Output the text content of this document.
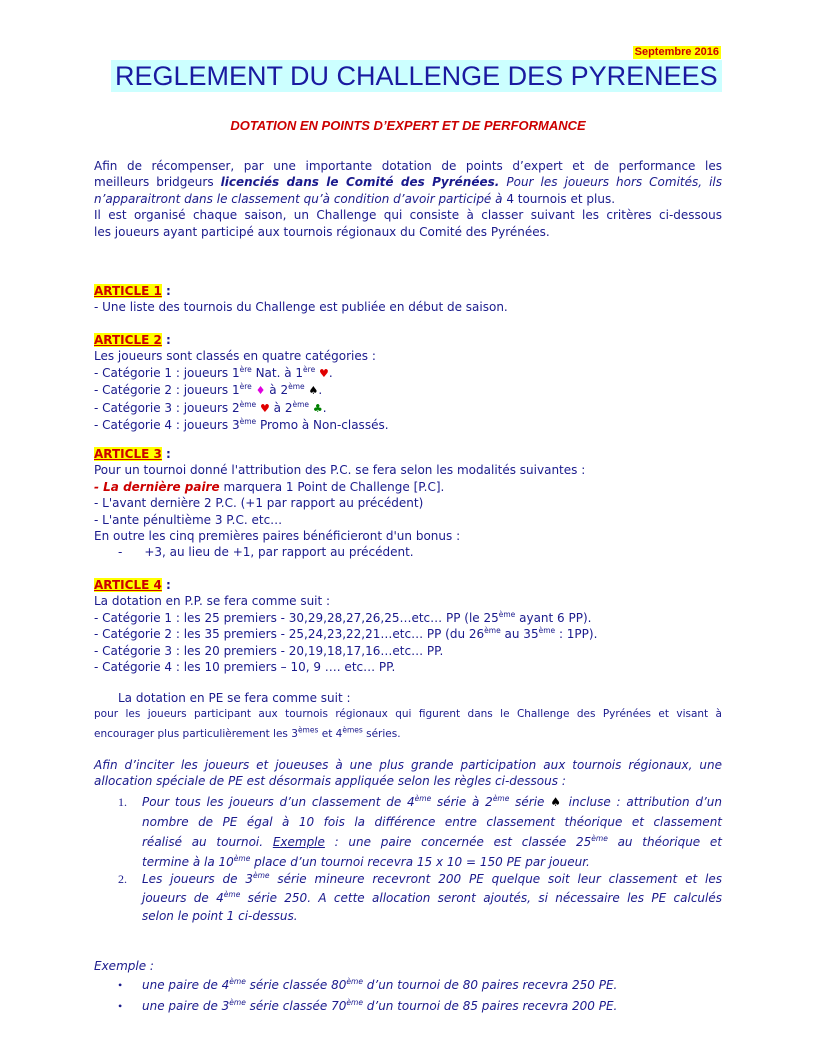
Septembre 2016
REGLEMENT DU CHALLENGE DES PYRENEES
DOTATION EN POINTS D’EXPERT ET DE PERFORMANCE
Afin de récompenser, par une importante dotation de points d’expert et de performance les
meilleurs bridgeurs licenciés dans le Comité des Pyrénées. Pour les joueurs hors Comités, ils
n’apparaitront dans le classement qu’à condition d’avoir participé à 4 tournois et plus.
Il est organisé chaque saison, un Challenge qui consiste à classer suivant les critères ci-dessous
les joueurs ayant participé aux tournois régionaux du Comité des Pyrénées.
ARTICLE 1 :
- Une liste des tournois du Challenge est publiée en début de saison.
ARTICLE 2 :
Les joueurs sont classés en quatre catégories :
- Catégorie 1 : joueurs 1ère Nat. à 1ère ♥.
- Catégorie 2 : joueurs 1ère ♦ à 2ème ♠.
- Catégorie 3 : joueurs 2ème ♥ à 2ème ♣.
- Catégorie 4 : joueurs 3ème Promo à Non-classés.
ARTICLE 3 :
Pour un tournoi donné l'attribution des P.C. se fera selon les modalités suivantes :
- La dernière paire marquera 1 Point de Challenge [P.C].
- L'avant dernière 2 P.C. (+1 par rapport au précédent)
- L'ante pénultième 3 P.C. etc…
En outre les cinq premières paires bénéficieront d'un bonus :
- +3, au lieu de +1, par rapport au précédent.
ARTICLE 4 :
La dotation en P.P. se fera comme suit :
- Catégorie 1 : les 25 premiers - 30,29,28,27,26,25…etc… PP (le 25ème ayant 6 PP).
- Catégorie 2 : les 35 premiers - 25,24,23,22,21…etc… PP (du 26ème au 35ème : 1PP).
- Catégorie 3 : les 20 premiers - 20,19,18,17,16…etc… PP.
- Catégorie 4 : les 10 premiers – 10, 9 …. etc… PP.
La dotation en PE se fera comme suit :
pour les joueurs participant aux tournois régionaux qui figurent dans le Challenge des Pyrénées et visant à
encourager plus particulièrement les 3èmes et 4èmes séries.
Afin d’inciter les joueurs et joueuses à une plus grande participation aux tournois régionaux, une
allocation spéciale de PE est désormais appliquée selon les règles ci-dessous :
1. Pour tous les joueurs d’un classement de 4ème série à 2ème série ♠ incluse : attribution d’un
nombre de PE égal à 10 fois la différence entre classement théorique et classement
réalisé au tournoi. Exemple : une paire concernée est classée 25ème au théorique et
termine à la 10ème place d’un tournoi recevra 15 x 10 = 150 PE par joueur.
2. Les joueurs de 3ème série mineure recevront 200 PE quelque soit leur classement et les
joueurs de 4ème série 250. A cette allocation seront ajoutés, si nécessaire les PE calculés
selon le point 1 ci-dessus.
Exemple :
• une paire de 4ème série classée 80ème d’un tournoi de 80 paires recevra 250 PE.
• une paire de 3ème série classée 70ème d’un tournoi de 85 paires recevra 200 PE.
